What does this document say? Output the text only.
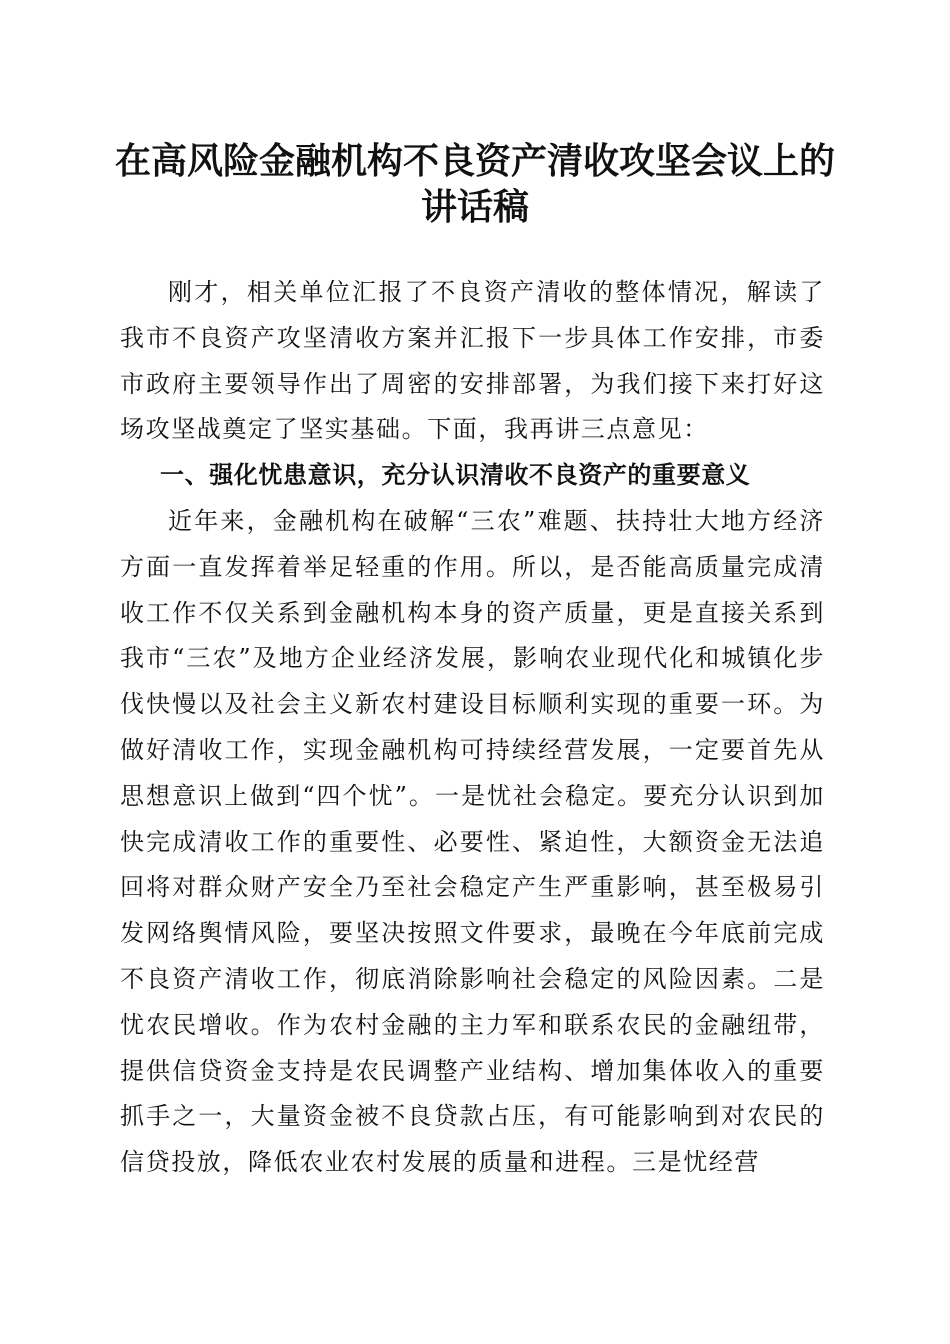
在高风险金融机构不良资产清收攻坚会议上的
讲话稿

刚才，相关单位汇报了不良资产清收的整体情况，解读了我市不良资产攻坚清收方案并汇报下一步具体工作安排，市委市政府主要领导作出了周密的安排部署，为我们接下来打好这场攻坚战奠定了坚实基础。下面，我再讲三点意见：

一、强化忧患意识，充分认识清收不良资产的重要意义

近年来，金融机构在破解“三农”难题、扶持壮大地方经济方面一直发挥着举足轻重的作用。所以，是否能高质量完成清收工作不仅关系到金融机构本身的资产质量，更是直接关系到我市“三农”及地方企业经济发展，影响农业现代化和城镇化步伐快慢以及社会主义新农村建设目标顺利实现的重要一环。为做好清收工作，实现金融机构可持续经营发展，一定要首先从思想意识上做到“四个忧”。一是忧社会稳定。要充分认识到加快完成清收工作的重要性、必要性、紧迫性，大额资金无法追回将对群众财产安全乃至社会稳定产生严重影响，甚至极易引发网络舆情风险，要坚决按照文件要求，最晚在今年底前完成不良资产清收工作，彻底消除影响社会稳定的风险因素。二是忧农民增收。作为农村金融的主力军和联系农民的金融纽带，提供信贷资金支持是农民调整产业结构、增加集体收入的重要抓手之一，大量资金被不良贷款占压，有可能影响到对农民的信贷投放，降低农业农村发展的质量和进程。三是忧经营
